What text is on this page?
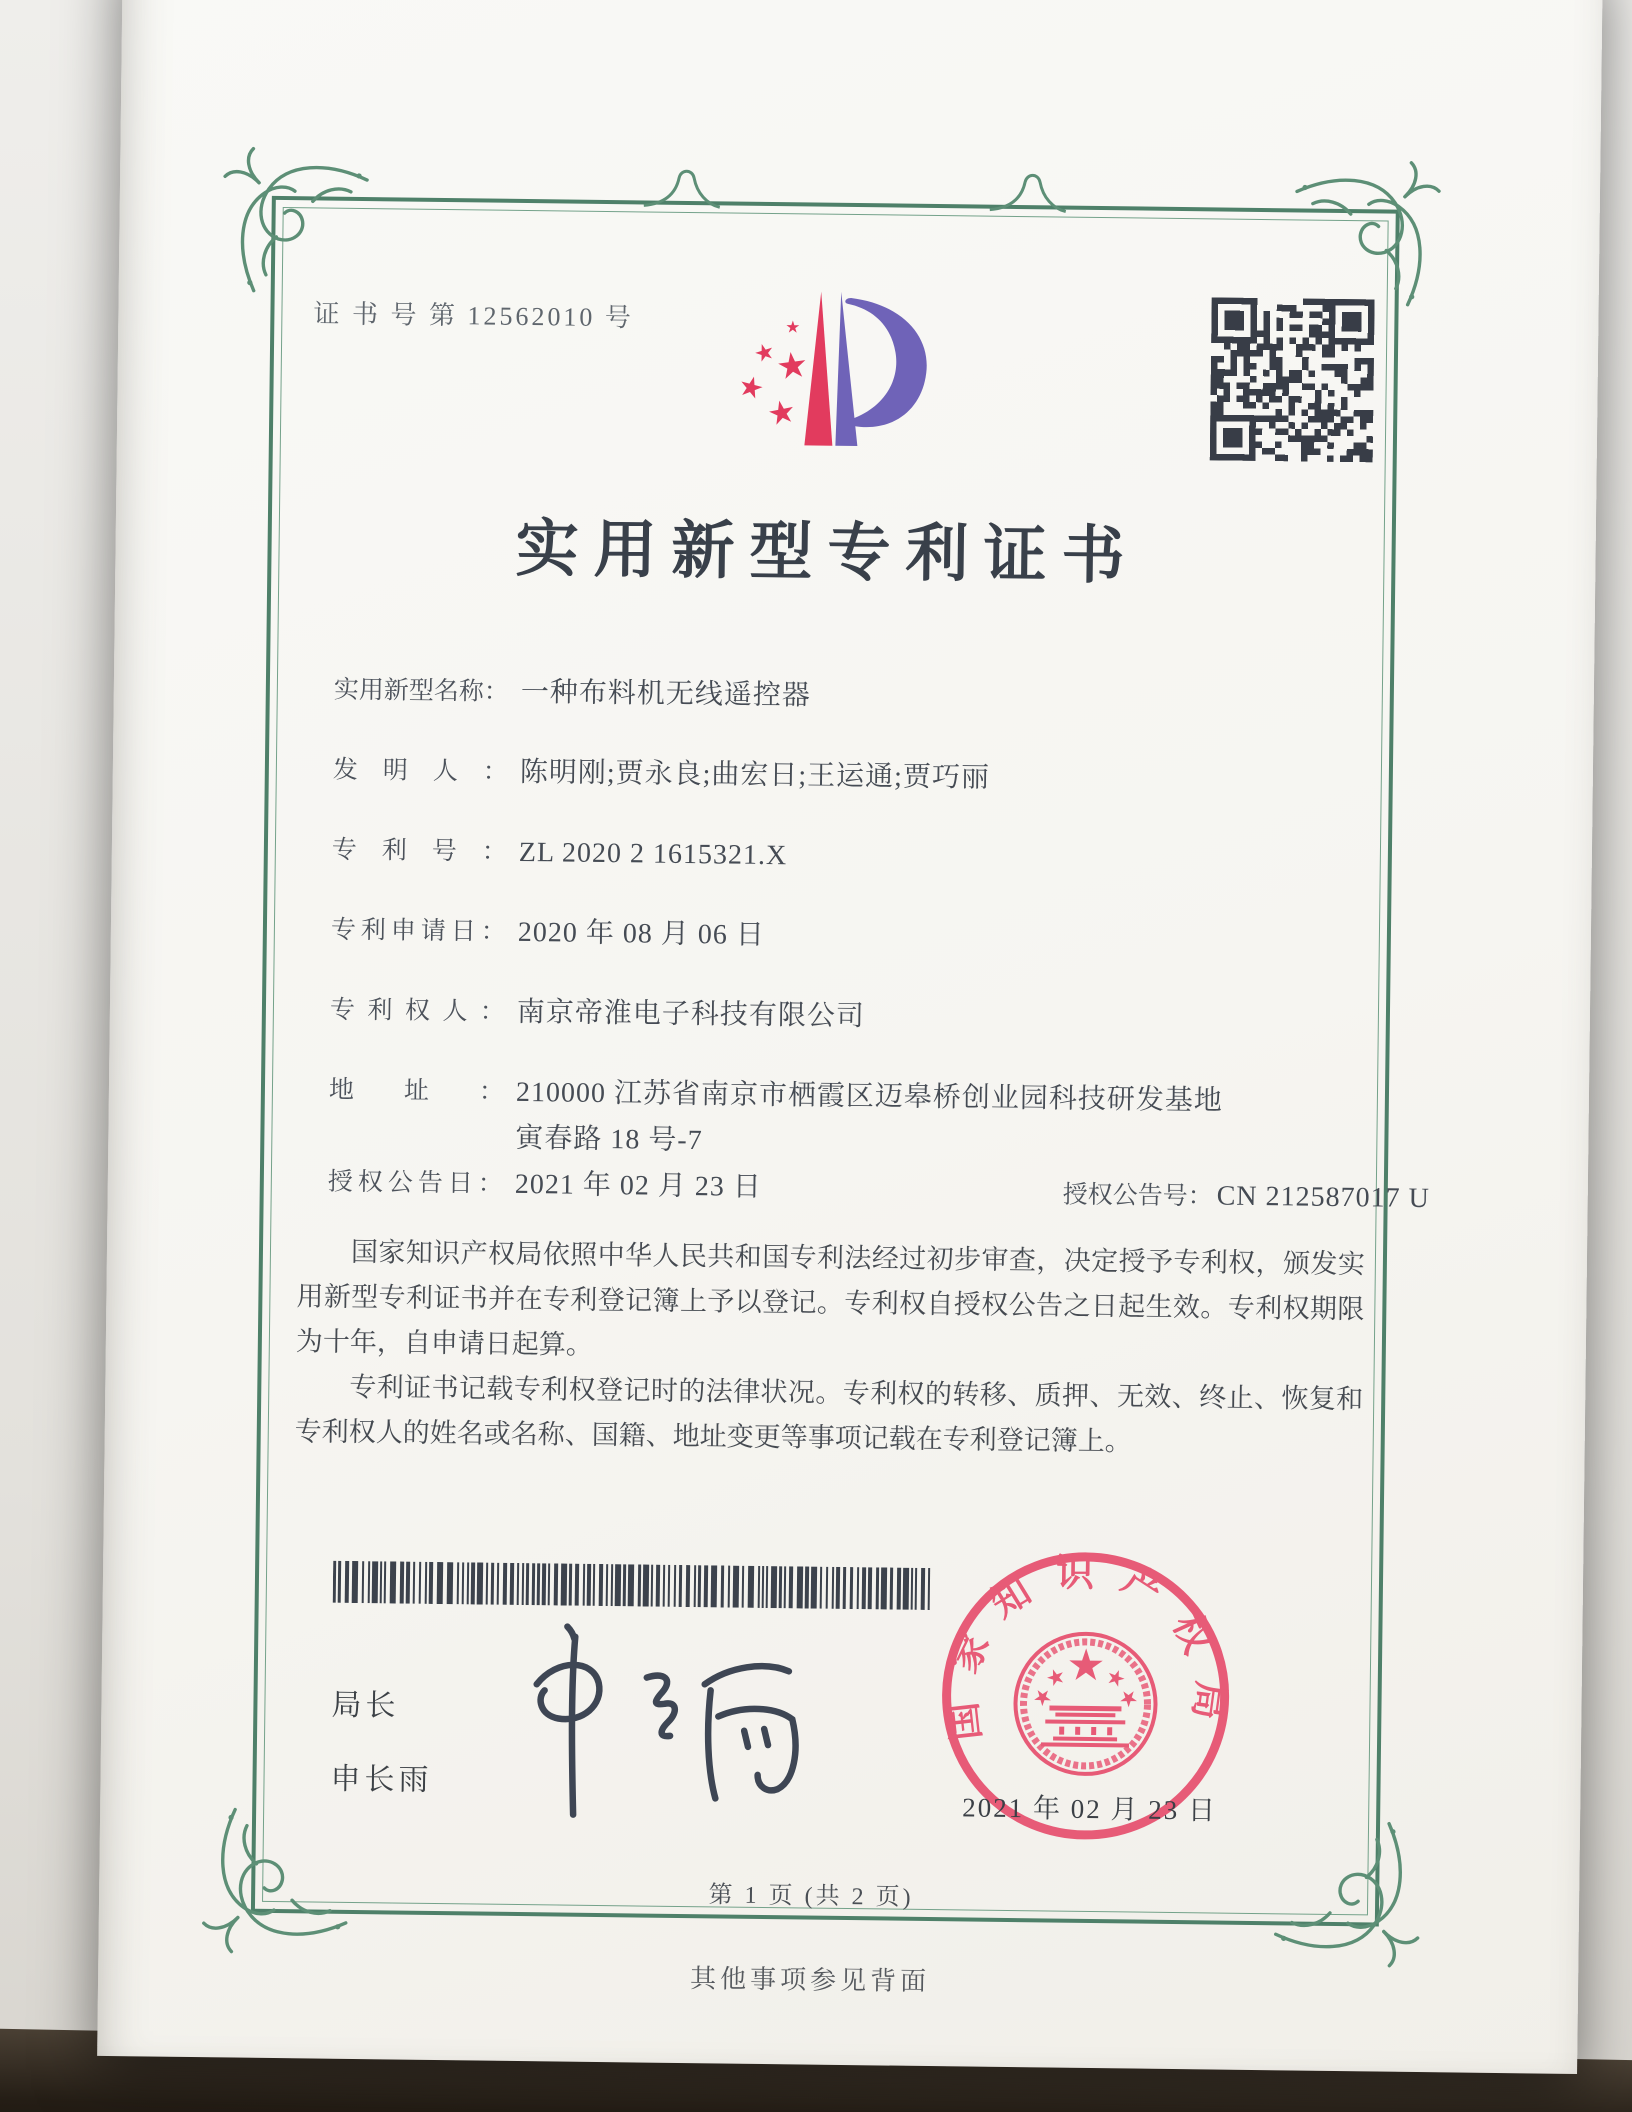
证 书 号 第 12562010 号
实用新型专利证书
实用新型名称： 一种布料机无线遥控器
发明人： 陈明刚;贾永良;曲宏日;王运通;贾巧丽
专利号： ZL 2020 2 1615321.X
专利申请日： 2020 年 08 月 06 日
专利权人： 南京帝淮电子科技有限公司
地址： 210000 江苏省南京市栖霞区迈皋桥创业园科技研发基地
寅春路 18 号-7
授权公告日： 2021 年 02 月 23 日	授权公告号： CN 212587017 U

国家知识产权局依照中华人民共和国专利法经过初步审查，决定授予专利权，颁发实用新型专利证书并在专利登记簿上予以登记。专利权自授权公告之日起生效。专利权期限为十年，自申请日起算。

专利证书记载专利权登记时的法律状况。专利权的转移、质押、无效、终止、恢复和专利权人的姓名或名称、国籍、地址变更等事项记载在专利登记簿上。

局长
申长雨
国家知识产权局
2021 年 02 月 23 日
第 1 页 (共 2 页)
其他事项参见背面
